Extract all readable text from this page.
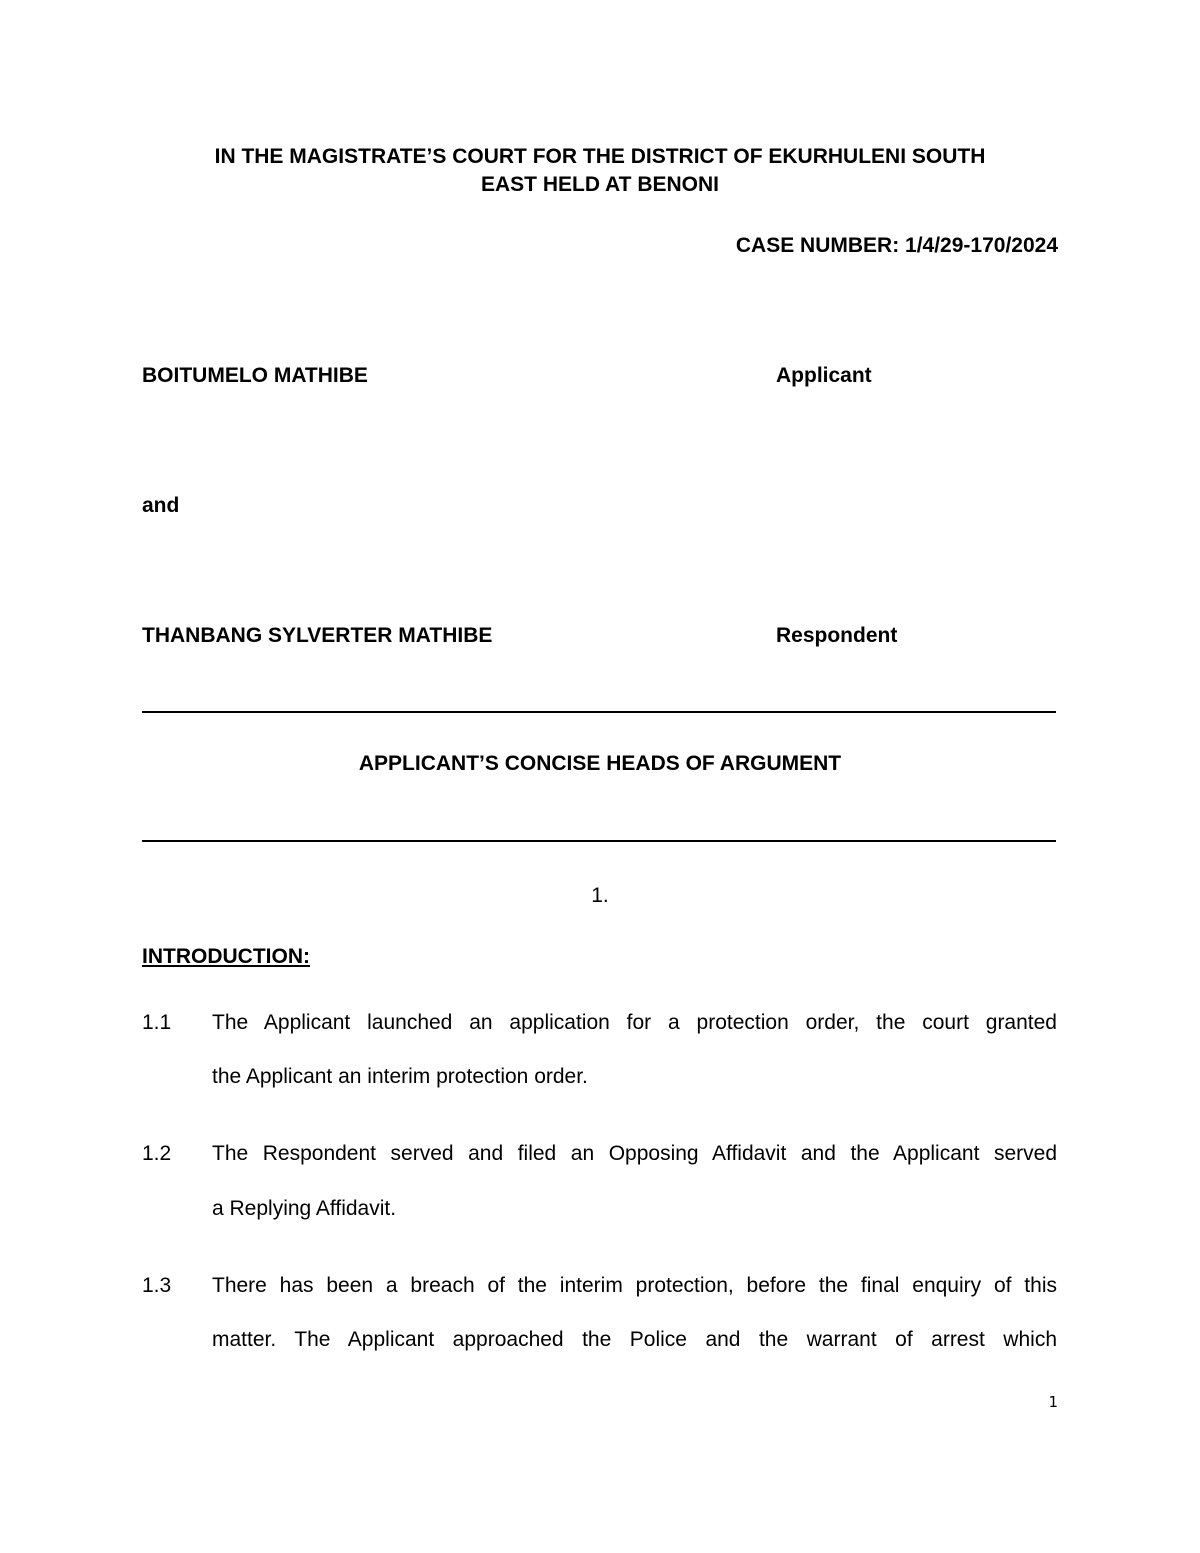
IN THE MAGISTRATE’S COURT FOR THE DISTRICT OF EKURHULENI SOUTH
EAST HELD AT BENONI

CASE NUMBER: 1/4/29-170/2024

BOITUMELO MATHIBE	Applicant

and

THANBANG SYLVERTER MATHIBE	Respondent

APPLICANT’S CONCISE HEADS OF ARGUMENT
1.

INTRODUCTION:

1.1 The Applicant launched an application for a protection order, the court granted
the Applicant an interim protection order.
1.2 The Respondent served and filed an Opposing Affidavit and the Applicant served
a Replying Affidavit.
1.3 There has been a breach of the interim protection, before the final enquiry of this
matter. The Applicant approached the Police and the warrant of arrest which

1
